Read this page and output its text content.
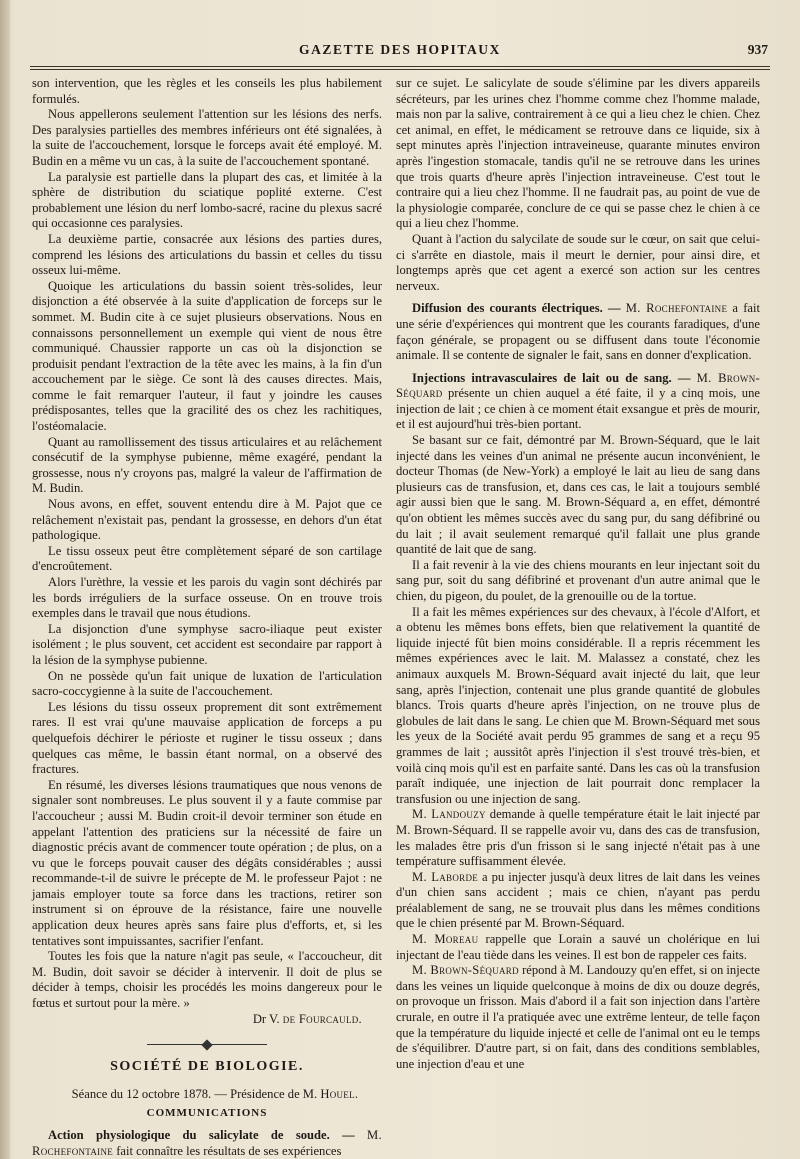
GAZETTE DES HOPITAUX	937

son intervention, que les règles et les conseils les plus habilement formulés.

Nous appellerons seulement l'attention sur les lésions des nerfs. Des paralysies partielles des membres inférieurs ont été signalées, à la suite de l'accouchement, lorsque le forceps avait été employé. M. Budin en a même vu un cas, à la suite de l'accouchement spontané.

La paralysie est partielle dans la plupart des cas, et limitée à la sphère de distribution du sciatique poplité externe. C'est probablement une lésion du nerf lombo-sacré, racine du plexus sacré qui occasionne ces paralysies.

La deuxième partie, consacrée aux lésions des parties dures, comprend les lésions des articulations du bassin et celles du tissu osseux lui-même.

Quoique les articulations du bassin soient très-solides, leur disjonction a été observée à la suite d'application de forceps sur le sommet. M. Budin cite à ce sujet plusieurs observations. Nous en connaissons personnellement un exemple qui vient de nous être communiqué. Chaussier rapporte un cas où la disjonction se produisit pendant l'extraction de la tête avec les mains, à la fin d'un accouchement par le siège. Ce sont là des causes directes. Mais, comme le fait remarquer l'auteur, il faut y joindre les causes prédisposantes, telles que la gracilité des os chez les rachitiques, l'ostéomalacie.

Quant au ramollissement des tissus articulaires et au relâchement consécutif de la symphyse pubienne, même exagéré, pendant la grossesse, nous n'y croyons pas, malgré la valeur de l'affirmation de M. Budin.

Nous avons, en effet, souvent entendu dire à M. Pajot que ce relâchement n'existait pas, pendant la grossesse, en dehors d'un état pathologique.

Le tissu osseux peut être complètement séparé de son cartilage d'encroûtement.

Alors l'urèthre, la vessie et les parois du vagin sont déchirés par les bords irréguliers de la surface osseuse. On en trouve trois exemples dans le travail que nous étudions.

La disjonction d'une symphyse sacro-iliaque peut exister isolément ; le plus souvent, cet accident est secondaire par rapport à la lésion de la symphyse pubienne.

On ne possède qu'un fait unique de luxation de l'articulation sacro-coccygienne à la suite de l'accouchement.

Les lésions du tissu osseux proprement dit sont extrêmement rares. Il est vrai qu'une mauvaise application de forceps a pu quelquefois déchirer le périoste et ruginer le tissu osseux ; dans quelques cas même, le bassin étant normal, on a observé des fractures.

En résumé, les diverses lésions traumatiques que nous venons de signaler sont nombreuses. Le plus souvent il y a faute commise par l'accoucheur ; aussi M. Budin croit-il devoir terminer son étude en appelant l'attention des praticiens sur la nécessité de faire un diagnostic précis avant de commencer toute opération ; de plus, on a vu que le forceps pouvait causer des dégâts considérables ; aussi recommande-t-il de suivre le précepte de M. le professeur Pajot : ne jamais employer toute sa force dans les tractions, retirer son instrument si on éprouve de la résistance, faire une nouvelle application deux heures après sans faire plus d'efforts, et, si les tentatives sont impuissantes, sacrifier l'enfant.

Toutes les fois que la nature n'agit pas seule, « l'accoucheur, dit M. Budin, doit savoir se décider à intervenir. Il doit de plus se décider à temps, choisir les procédés les moins dangereux pour le fœtus et surtout pour la mère. »

Dr V. de Fourcauld.

SOCIÉTÉ DE BIOLOGIE.

Séance du 12 octobre 1878. — Présidence de M. Houel.

COMMUNICATIONS

Action physiologique du salicylate de soude. — M. Rochefontaine fait connaître les résultats de ses expériences

sur ce sujet. Le salicylate de soude s'élimine par les divers appareils sécréteurs, par les urines chez l'homme comme chez l'homme malade, mais non par la salive, contrairement à ce qui a lieu chez le chien. Chez cet animal, en effet, le médicament se retrouve dans ce liquide, six à sept minutes après l'injection intraveineuse, quarante minutes environ après l'ingestion stomacale, tandis qu'il ne se retrouve dans les urines que trois quarts d'heure après l'injection intraveineuse. C'est tout le contraire qui a lieu chez l'homme. Il ne faudrait pas, au point de vue de la physiologie comparée, conclure de ce qui se passe chez le chien à ce qui a lieu chez l'homme.

Quant à l'action du salycilate de soude sur le cœur, on sait que celui-ci s'arrête en diastole, mais il meurt le dernier, pour ainsi dire, et longtemps après que cet agent a exercé son action sur les centres nerveux.

Diffusion des courants électriques. — M. Rochefontaine a fait une série d'expériences qui montrent que les courants faradiques, d'une façon générale, se propagent ou se diffusent dans toute l'économie animale. Il se contente de signaler le fait, sans en donner d'explication.

Injections intravasculaires de lait ou de sang. — M. Brown-Séquard présente un chien auquel a été faite, il y a cinq mois, une injection de lait ; ce chien à ce moment était exsangue et près de mourir, et il est aujourd'hui très-bien portant.

Se basant sur ce fait, démontré par M. Brown-Séquard, que le lait injecté dans les veines d'un animal ne présente aucun inconvénient, le docteur Thomas (de New-York) a employé le lait au lieu de sang dans plusieurs cas de transfusion, et, dans ces cas, le lait a toujours semblé agir aussi bien que le sang. M. Brown-Séquard a, en effet, démontré qu'on obtient les mêmes succès avec du sang pur, du sang défibriné ou du lait ; il avait seulement remarqué qu'il fallait une plus grande quantité de lait que de sang.

Il a fait revenir à la vie des chiens mourants en leur injectant soit du sang pur, soit du sang défibriné et provenant d'un autre animal que le chien, du pigeon, du poulet, de la grenouille ou de la tortue.

Il a fait les mêmes expériences sur des chevaux, à l'école d'Alfort, et a obtenu les mêmes bons effets, bien que relativement la quantité de liquide injecté fût bien moins considérable. Il a repris récemment les mêmes expériences avec le lait. M. Malassez a constaté, chez les animaux auxquels M. Brown-Séquard avait injecté du lait, que leur sang, après l'injection, contenait une plus grande quantité de globules blancs. Trois quarts d'heure après l'injection, on ne trouve plus de globules de lait dans le sang. Le chien que M. Brown-Séquard met sous les yeux de la Société avait perdu 95 grammes de sang et a reçu 95 grammes de lait ; aussitôt après l'injection il s'est trouvé très-bien, et voilà cinq mois qu'il est en parfaite santé. Dans les cas où la transfusion paraît indiquée, une injection de lait pourrait donc remplacer la transfusion ou une injection de sang.

M. Landouzy demande à quelle température était le lait injecté par M. Brown-Séquard. Il se rappelle avoir vu, dans des cas de transfusion, les malades être pris d'un frisson si le sang injecté n'était pas à une température suffisamment élevée.

M. Laborde a pu injecter jusqu'à deux litres de lait dans les veines d'un chien sans accident ; mais ce chien, n'ayant pas perdu préalablement de sang, ne se trouvait plus dans les mêmes conditions que le chien présenté par M. Brown-Séquard.

M. Moreau rappelle que Lorain a sauvé un cholérique en lui injectant de l'eau tiède dans les veines. Il est bon de rappeler ces faits.

M. Brown-Séquard répond à M. Landouzy qu'en effet, si on injecte dans les veines un liquide quelconque à moins de dix ou douze degrés, on provoque un frisson. Mais d'abord il a fait son injection dans l'artère crurale, en outre il l'a pratiquée avec une extrême lenteur, de telle façon que la température du liquide injecté et celle de l'animal ont eu le temps de s'équilibrer. D'autre part, si on fait, dans des conditions semblables, une injection d'eau et une
